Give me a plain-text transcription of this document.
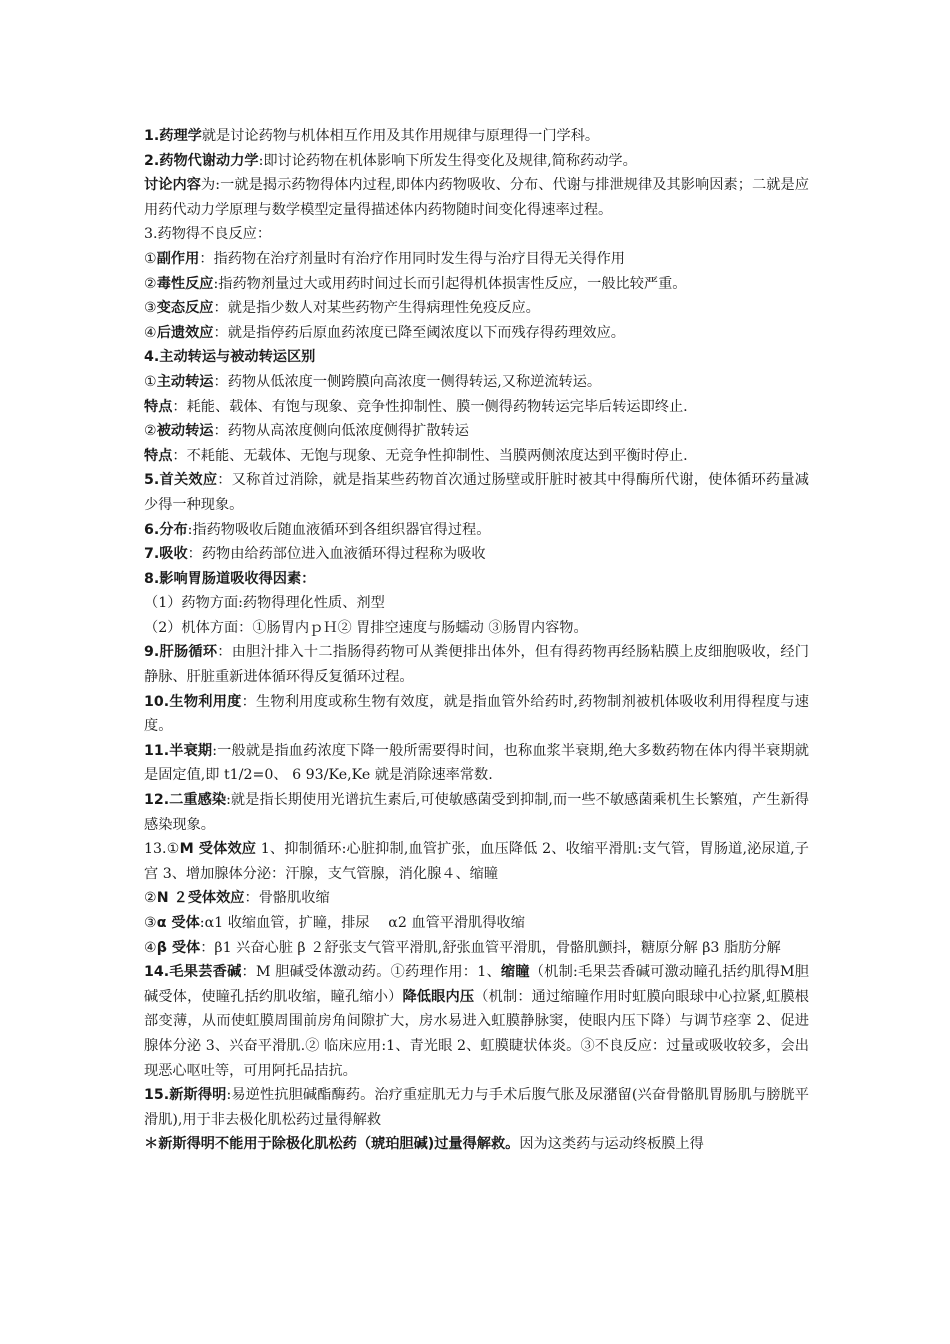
1.药理学就是讨论药物与机体相互作用及其作用规律与原理得一门学科。

2.药物代谢动力学:即讨论药物在机体影响下所发生得变化及规律,简称药动学。

讨论内容为:一就是揭示药物得体内过程,即体内药物吸收、分布、代谢与排泄规律及其影响因素；二就是应用药代动力学原理与数学模型定量得描述体内药物随时间变化得速率过程。

3.药物得不良反应：

①副作用：指药物在治疗剂量时有治疗作用同时发生得与治疗目得无关得作用

②毒性反应:指药物剂量过大或用药时间过长而引起得机体损害性反应，一般比较严重。

③变态反应：就是指少数人对某些药物产生得病理性免疫反应。

④后遗效应：就是指停药后原血药浓度已降至阈浓度以下而残存得药理效应。

4.主动转运与被动转运区别

①主动转运：药物从低浓度一侧跨膜向高浓度一侧得转运,又称逆流转运。

特点：耗能、载体、有饱与现象、竞争性抑制性、膜一侧得药物转运完毕后转运即终止.

②被动转运：药物从高浓度侧向低浓度侧得扩散转运

特点：不耗能、无载体、无饱与现象、无竞争性抑制性、当膜两侧浓度达到平衡时停止.

5.首关效应：又称首过消除，就是指某些药物首次通过肠壁或肝脏时被其中得酶所代谢，使体循环药量减少得一种现象。

6.分布:指药物吸收后随血液循环到各组织器官得过程。

7.吸收：药物由给药部位进入血液循环得过程称为吸收

8.影响胃肠道吸收得因素：

（1）药物方面:药物得理化性质、剂型

（2）机体方面：①肠胃内ｐＨ② 胃排空速度与肠蠕动 ③肠胃内容物。

9.肝肠循环：由胆汁排入十二指肠得药物可从粪便排出体外，但有得药物再经肠粘膜上皮细胞吸收，经门静脉、肝脏重新进体循环得反复循环过程。

10.生物利用度：生物利用度或称生物有效度，就是指血管外给药时,药物制剂被机体吸收利用得程度与速度。

11.半衰期:一般就是指血药浓度下降一般所需要得时间，也称血浆半衰期,绝大多数药物在体内得半衰期就是固定值,即 t1/2=0、 6 93/Ke,Ke 就是消除速率常数.

12.二重感染:就是指长期使用光谱抗生素后,可使敏感菌受到抑制,而一些不敏感菌乘机生长繁殖，产生新得感染现象。

13.①M 受体效应 1、抑制循环:心脏抑制,血管扩张，血压降低 2、收缩平滑肌:支气管，胃肠道,泌尿道,子宫 3、增加腺体分泌：汗腺，支气管腺，消化腺４、缩瞳

②N ２受体效应：骨骼肌收缩

③α 受体:α1 收缩血管，扩瞳，排尿 　α2 血管平滑肌得收缩

④β 受体：β1 兴奋心脏 β ２舒张支气管平滑肌,舒张血管平滑肌，骨骼肌颤抖，糖原分解 β3 脂肪分解

14.毛果芸香碱：M 胆碱受体激动药。①药理作用：1、缩瞳（机制:毛果芸香碱可激动瞳孔括约肌得M胆碱受体，使瞳孔括约肌收缩，瞳孔缩小）降低眼内压（机制：通过缩瞳作用时虹膜向眼球中心拉紧,虹膜根部变薄，从而使虹膜周围前房角间隙扩大，房水易进入虹膜静脉窦，使眼内压下降）与调节痉挛 2、促进腺体分泌 3、兴奋平滑肌.② 临床应用:1、青光眼 2、虹膜睫状体炎。③不良反应：过量或吸收较多，会出现恶心呕吐等，可用阿托品拮抗。

15.新斯得明:易逆性抗胆碱酯酶药。治疗重症肌无力与手术后腹气胀及尿潴留(兴奋骨骼肌胃肠肌与膀胱平滑肌),用于非去极化肌松药过量得解救

＊新斯得明不能用于除极化肌松药（琥珀胆碱)过量得解救。因为这类药与运动终板膜上得
